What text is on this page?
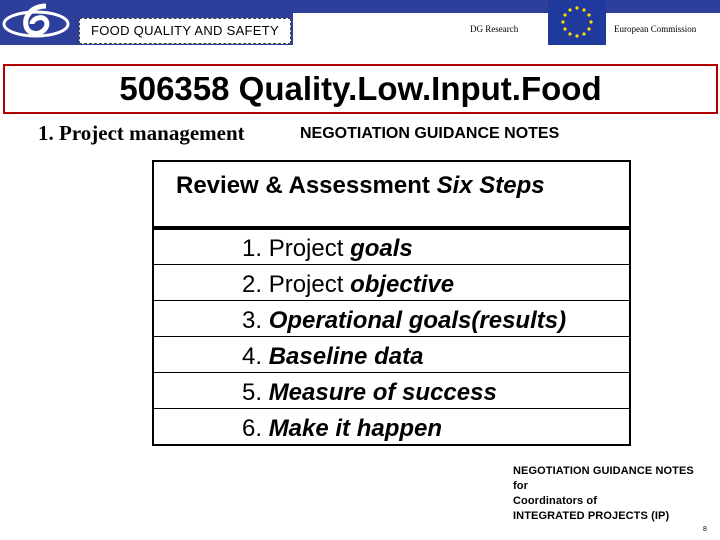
FOOD QUALITY AND SAFETY	DG Research	European Commission
506358 Quality.Low.Input.Food
1. Project management	NEGOTIATION GUIDANCE NOTES
Review & Assessment Six Steps
1. Project goals
2. Project objective
3. Operational goals(results)
4. Baseline data
5. Measure of success
6. Make it happen
NEGOTIATION GUIDANCE NOTES
for
Coordinators of
INTEGRATED PROJECTS (IP)
8
